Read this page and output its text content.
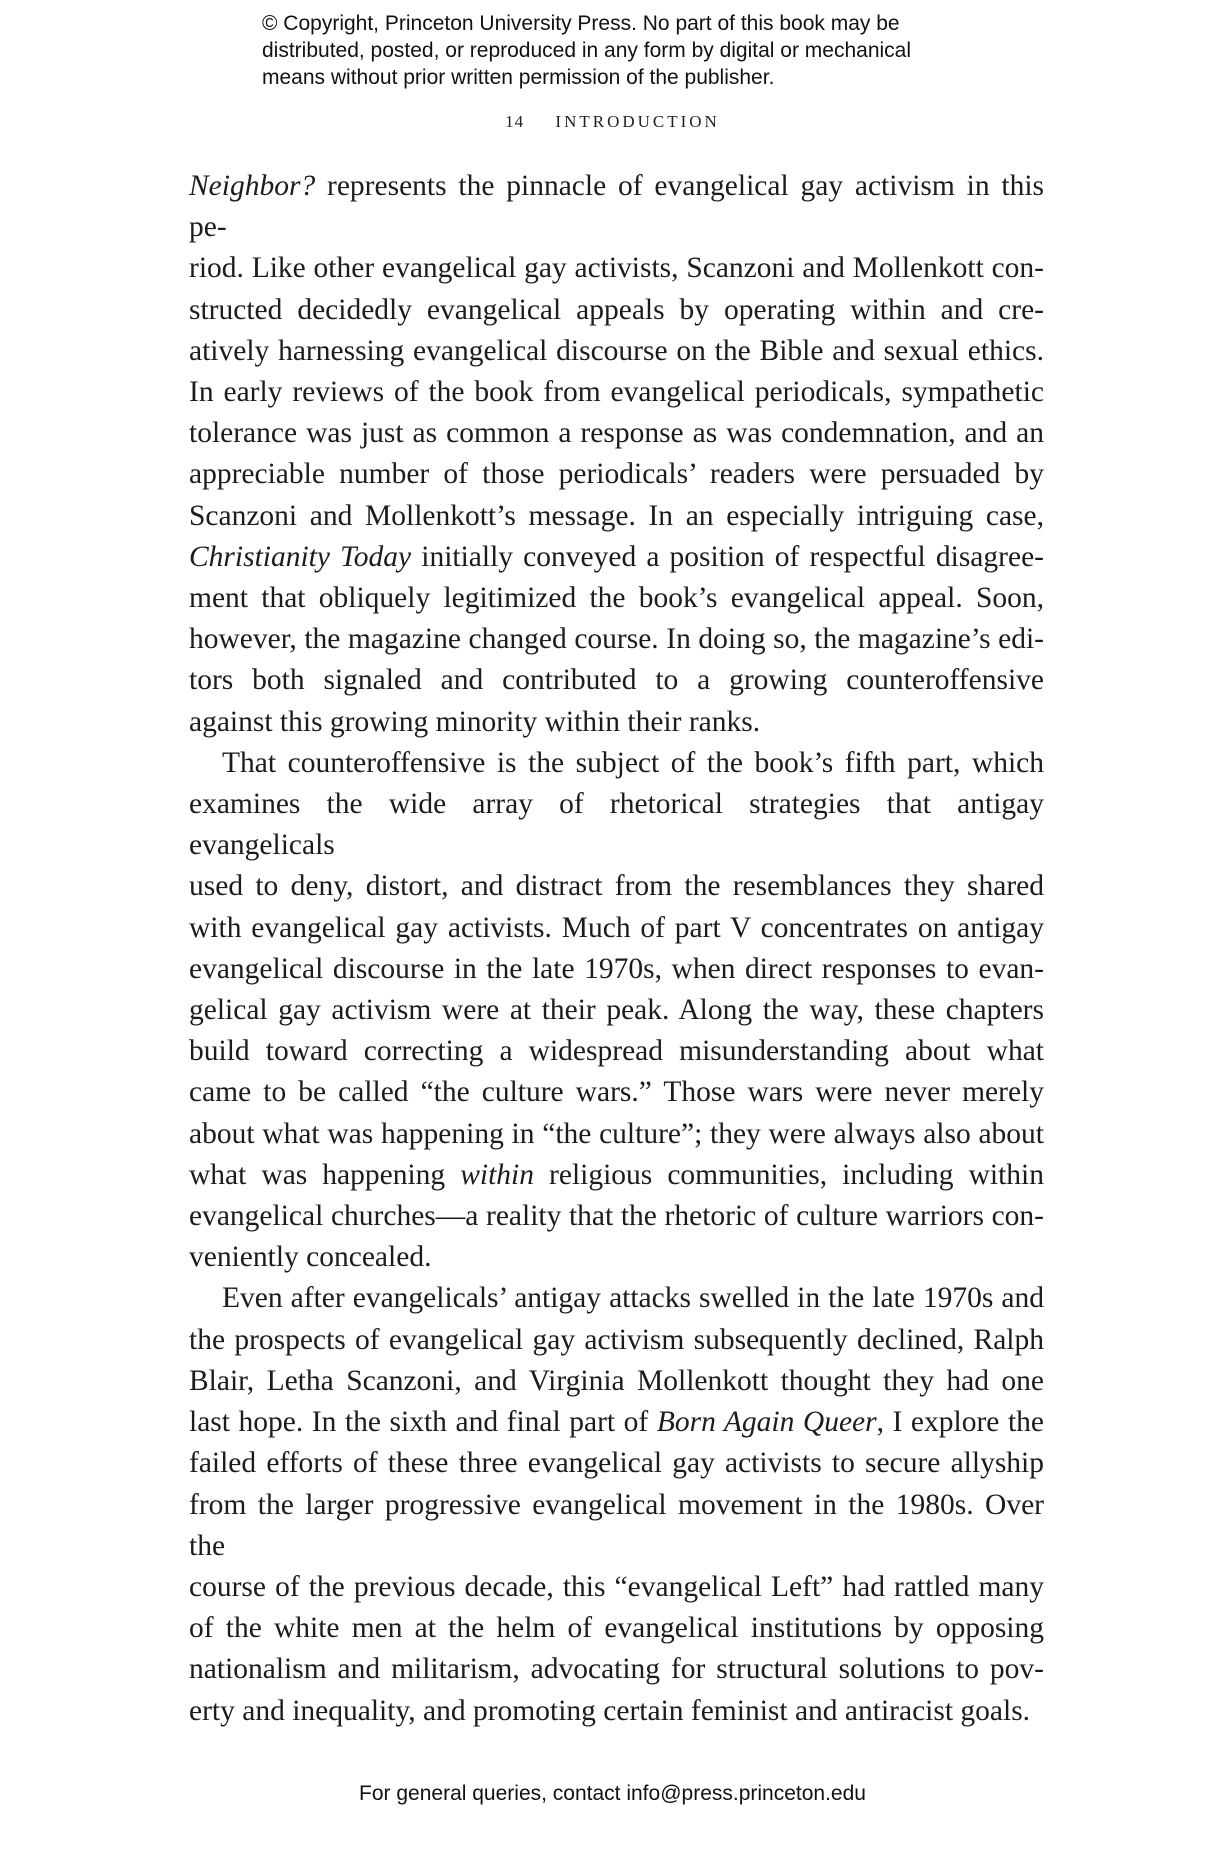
© Copyright, Princeton University Press. No part of this book may be
distributed, posted, or reproduced in any form by digital or mechanical
means without prior written permission of the publisher.
14 INTRODUCTION

Neighbor? represents the pinnacle of evangelical gay activism in this pe-

riod. Like other evangelical gay activists, Scanzoni and Mollenkott con-

structed decidedly evangelical appeals by operating within and cre-

atively harnessing evangelical discourse on the Bible and sexual ethics.

In early reviews of the book from evangelical periodicals, sympathetic

tolerance was just as common a response as was condemnation, and an

appreciable number of those periodicals’ readers were persuaded by

Scanzoni and Mollenkott’s message. In an especially intriguing case,

Christianity Today initially conveyed a position of respectful disagree-

ment that obliquely legitimized the book’s evangelical appeal. Soon,

however, the magazine changed course. In doing so, the magazine’s edi-

tors both signaled and contributed to a growing counteroffensive

against this growing minority within their ranks.

That counteroffensive is the subject of the book’s fifth part, which

examines the wide array of rhetorical strategies that antigay evangelicals

used to deny, distort, and distract from the resemblances they shared

with evangelical gay activists. Much of part V concentrates on antigay

evangelical discourse in the late 1970s, when direct responses to evan-

gelical gay activism were at their peak. Along the way, these chapters

build toward correcting a widespread misunderstanding about what

came to be called “the culture wars.” Those wars were never merely

about what was happening in “the culture”; they were always also about

what was happening within religious communities, including within

evangelical churches—a reality that the rhetoric of culture warriors con-

veniently concealed.

Even after evangelicals’ antigay attacks swelled in the late 1970s and

the prospects of evangelical gay activism subsequently declined, Ralph

Blair, Letha Scanzoni, and Virginia Mollenkott thought they had one

last hope. In the sixth and final part of Born Again Queer, I explore the

failed efforts of these three evangelical gay activists to secure allyship

from the larger progressive evangelical movement in the 1980s. Over the

course of the previous decade, this “evangelical Left” had rattled many

of the white men at the helm of evangelical institutions by opposing

nationalism and militarism, advocating for structural solutions to pov-

erty and inequality, and promoting certain feminist and antiracist goals.

For general queries, contact info@press.princeton.edu
